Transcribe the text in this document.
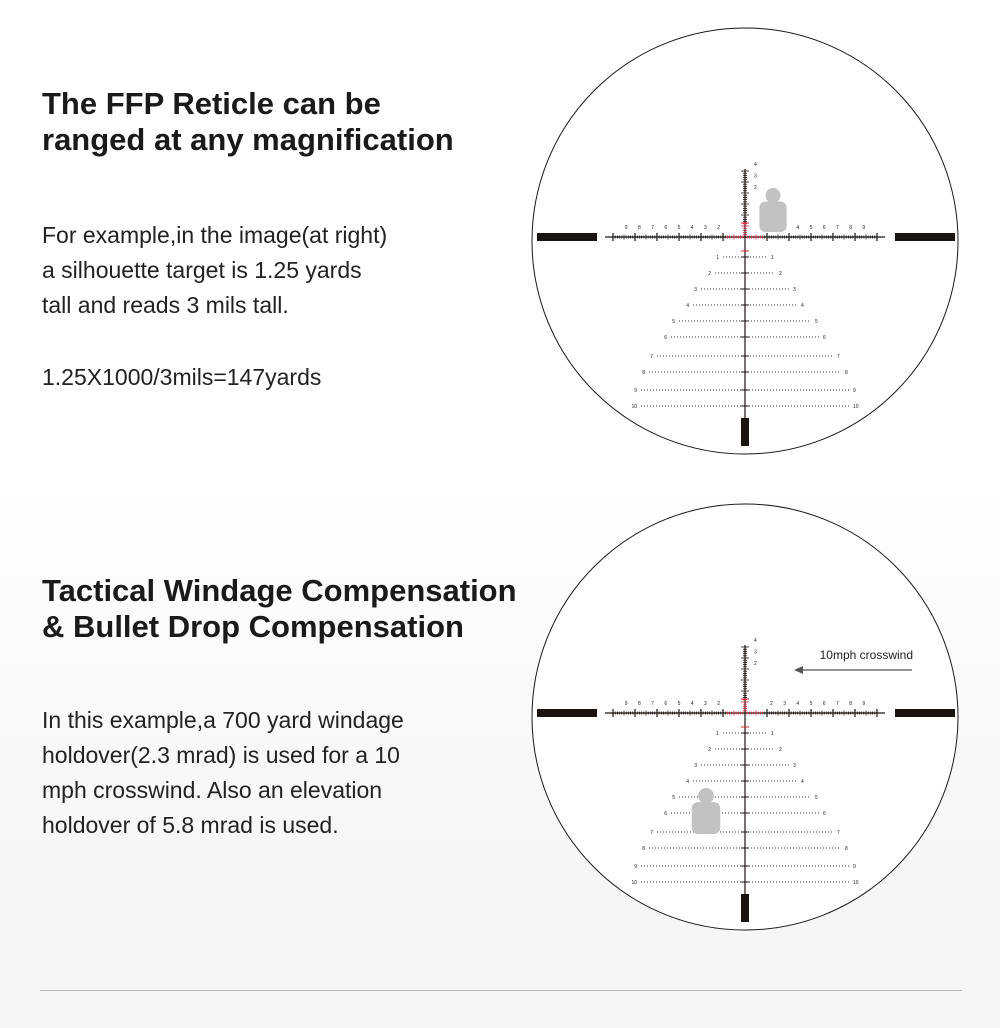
The FFP Reticle can be
ranged at any magnification

For example,in the image(at right)
a silhouette target is 1.25 yards
tall and reads 3 mils tall.

1.25X1000/3mils=147yards

9	9
8	8
7	7
6	6
5	5
4	4
3 2
4
3
2
1	1
2	2
3	3
4	4
5	5
6	6
7	7
8	8
9	9
10	10
Tactical Windage Compensation
& Bullet Drop Compensation

In this example,a 700 yard windage
holdover(2.3 mrad) is used for a 10
mph crosswind. Also an elevation
holdover of 5.8 mrad is used.

9	9
8	8
7	7
6	6
5	5
4	4
3	3
2	2
4
3
2
1	1
2	2
3	3
4	4
5	5
6	6
7	7
8	8
9	9
10	10
10mph crosswind
